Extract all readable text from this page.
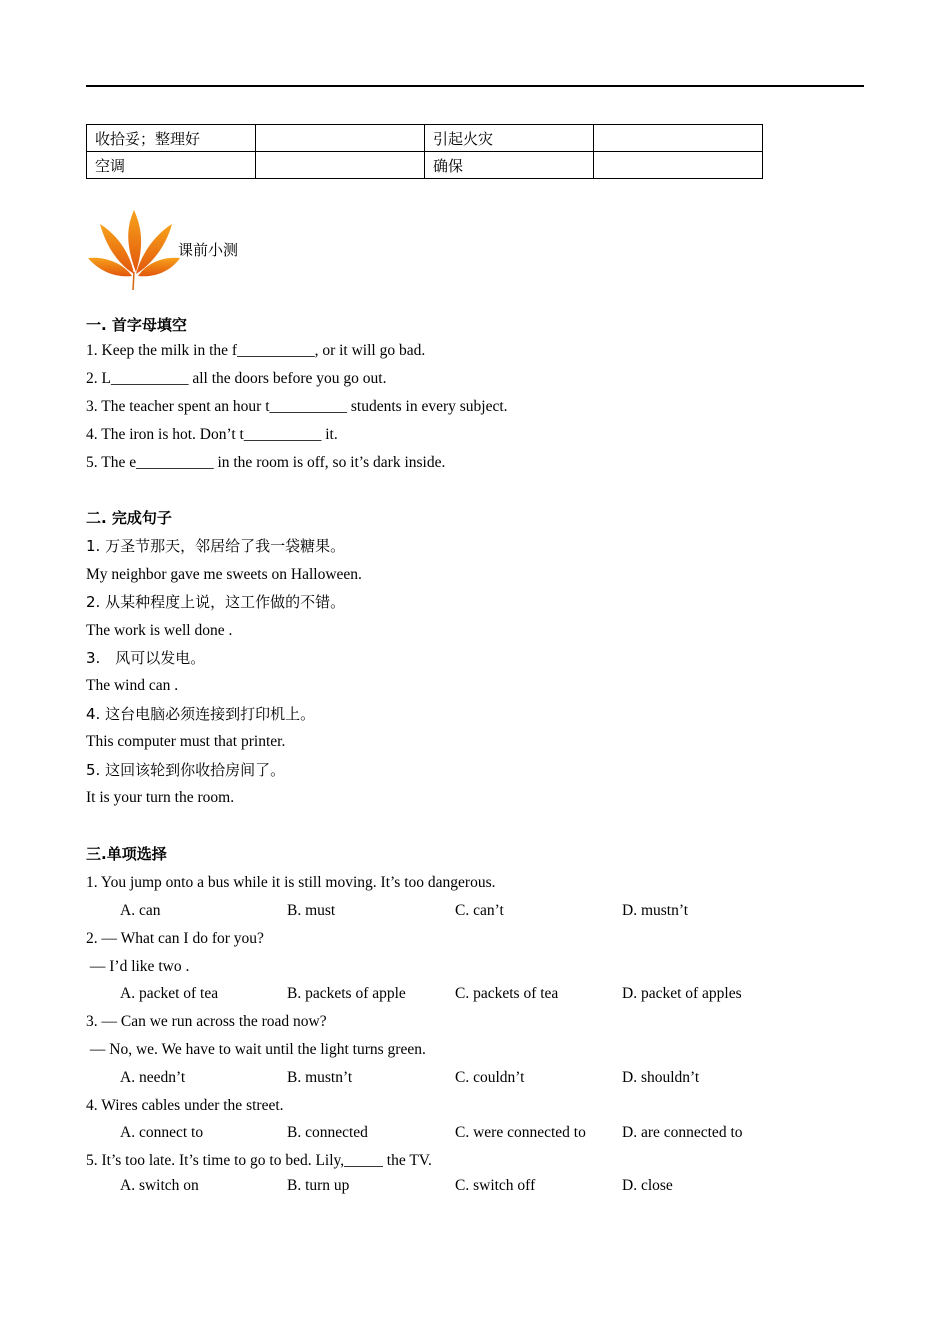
收拾妥；整理好		引起火灾	
空调		确保	
课前小测
一. 首字母填空
1. Keep the milk in the f__________, or it will go bad.
2. L__________ all the doors before you go out.
3. The teacher spent an hour t__________ students in every subject.
4. The iron is hot. Don’t t__________ it.
5. The e__________ in the room is off, so it’s dark inside.
二. 完成句子
1. 万圣节那天，邻居给了我一袋糖果。
My neighbor gave me sweets on Halloween.
2. 从某种程度上说，这工作做的不错。
The work is well done .
3.　风可以发电。
The wind can .
4. 这台电脑必须连接到打印机上。
This computer must that printer.
5. 这回该轮到你收拾房间了。
It is your turn the room.
三.单项选择
1. You jump onto a bus while it is still moving. It’s too dangerous.
A. can	B. must	C. can’t	D. mustn’t
2. — What can I do for you?
— I’d like two .
A. packet of tea	B. packets of apple	C. packets of tea	D. packet of apples
3. — Can we run across the road now?
— No, we. We have to wait until the light turns green.
A. needn’t	B. mustn’t	C. couldn’t	D. shouldn’t
4. Wires cables under the street.
A. connect to	B. connected	C. were connected to D. are connected to
5. It’s too late. It’s time to go to bed. Lily,_____ the TV.
A. switch on	B. turn up	C. switch off	D. close
